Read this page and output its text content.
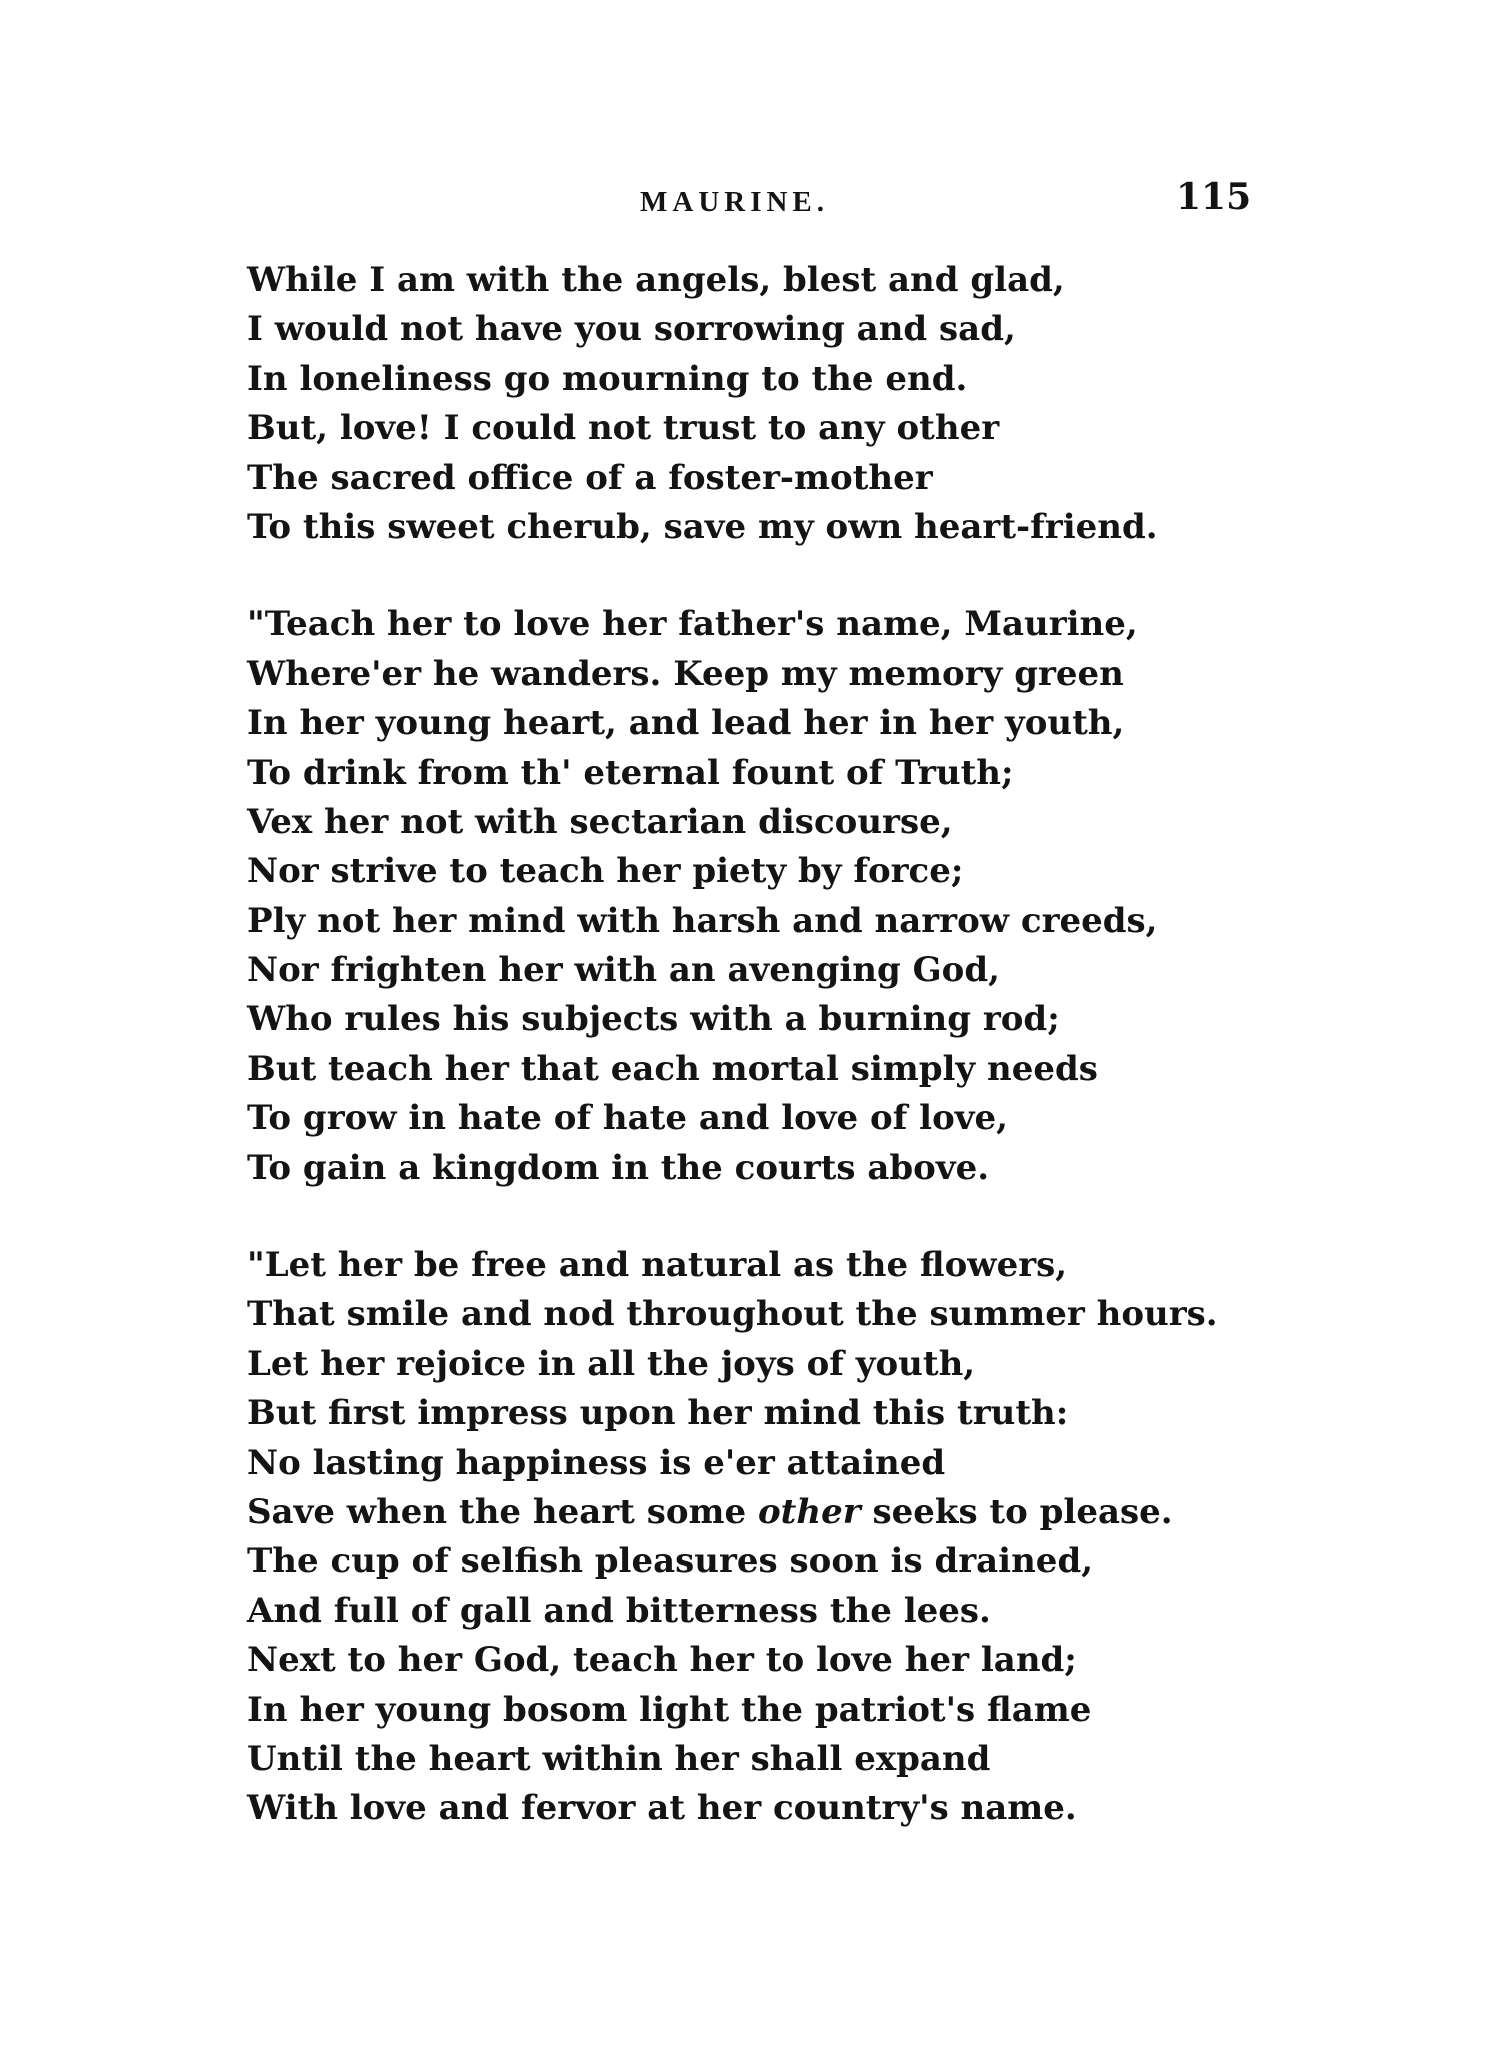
MAURINE.	115
While I am with the angels, blest and glad,
I would not have you sorrowing and sad,
In loneliness go mourning to the end.
But, love! I could not trust to any other
The sacred office of a foster-mother
To this sweet cherub, save my own heart-friend.
"Teach her to love her father's name, Maurine,
Where'er he wanders. Keep my memory green
In her young heart, and lead her in her youth,
To drink from th' eternal fount of Truth;
Vex her not with sectarian discourse,
Nor strive to teach her piety by force;
Ply not her mind with harsh and narrow creeds,
Nor frighten her with an avenging God,
Who rules his subjects with a burning rod;
But teach her that each mortal simply needs
To grow in hate of hate and love of love,
To gain a kingdom in the courts above.
"Let her be free and natural as the flowers,
That smile and nod throughout the summer hours.
Let her rejoice in all the joys of youth,
But first impress upon her mind this truth:
No lasting happiness is e'er attained
Save when the heart some other seeks to please.
The cup of selfish pleasures soon is drained,
And full of gall and bitterness the lees.
Next to her God, teach her to love her land;
In her young bosom light the patriot's flame
Until the heart within her shall expand
With love and fervor at her country's name.
